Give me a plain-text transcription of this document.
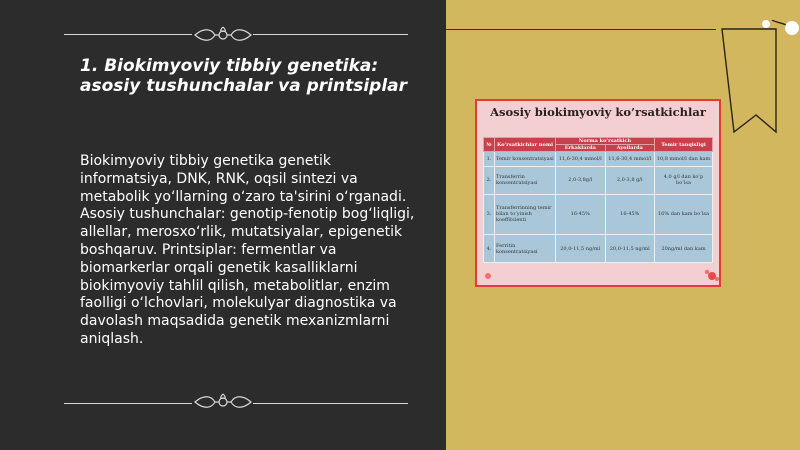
1. Biokimyoviy tibbiy genetika: asosiy tushunchalar va printsiplar

Biokimyoviy tibbiy genetika genetik informatsiya, DNK, RNK, oqsil sintezi va metabolik yo‘llarning o‘zaro ta'sirini o‘rganadi. Asosiy tushunchalar: genotip-fenotip bog‘liqligi, allellar, merosxo‘rlik, mutatsiyalar, epigenetik boshqaruv. Printsiplar: fermentlar va biomarkerlar orqali genetik kasalliklarni biokimyoviy tahlil qilish, metabolitlar, enzim faolligi o‘lchovlari, molekulyar diagnostika va davolash maqsadida genetik mexanizmlarni aniqlash.

Asosiy biokimyoviy ko’rsatkichlar
№	Ko’rsatkichlar nomi	Norma ko’rsatkich		Temir tanqisligi
		Erkaklarda	Ayollarda	
1.	Temir konsentratsiyasi	11,6-30,4 mmol/l	11,6-30,4 mmol/l	10,8 mmol/l dan kam
2.	Transferrin konsentratsiyasi	2,0-3,8g/l	2,0-3,8 g/l	4,0 g/l dan ko’p bo’lsa
3.	Transferrinning temir bilan to’yinish koeffitsienti	16-45%	16-45%	16% dan kam bo’lsa
4.	Ferritin konsentratsiyasi	20,0-11,5 ng/ml	20,0-11,5 ng/ml	20ng/ml dan kam
